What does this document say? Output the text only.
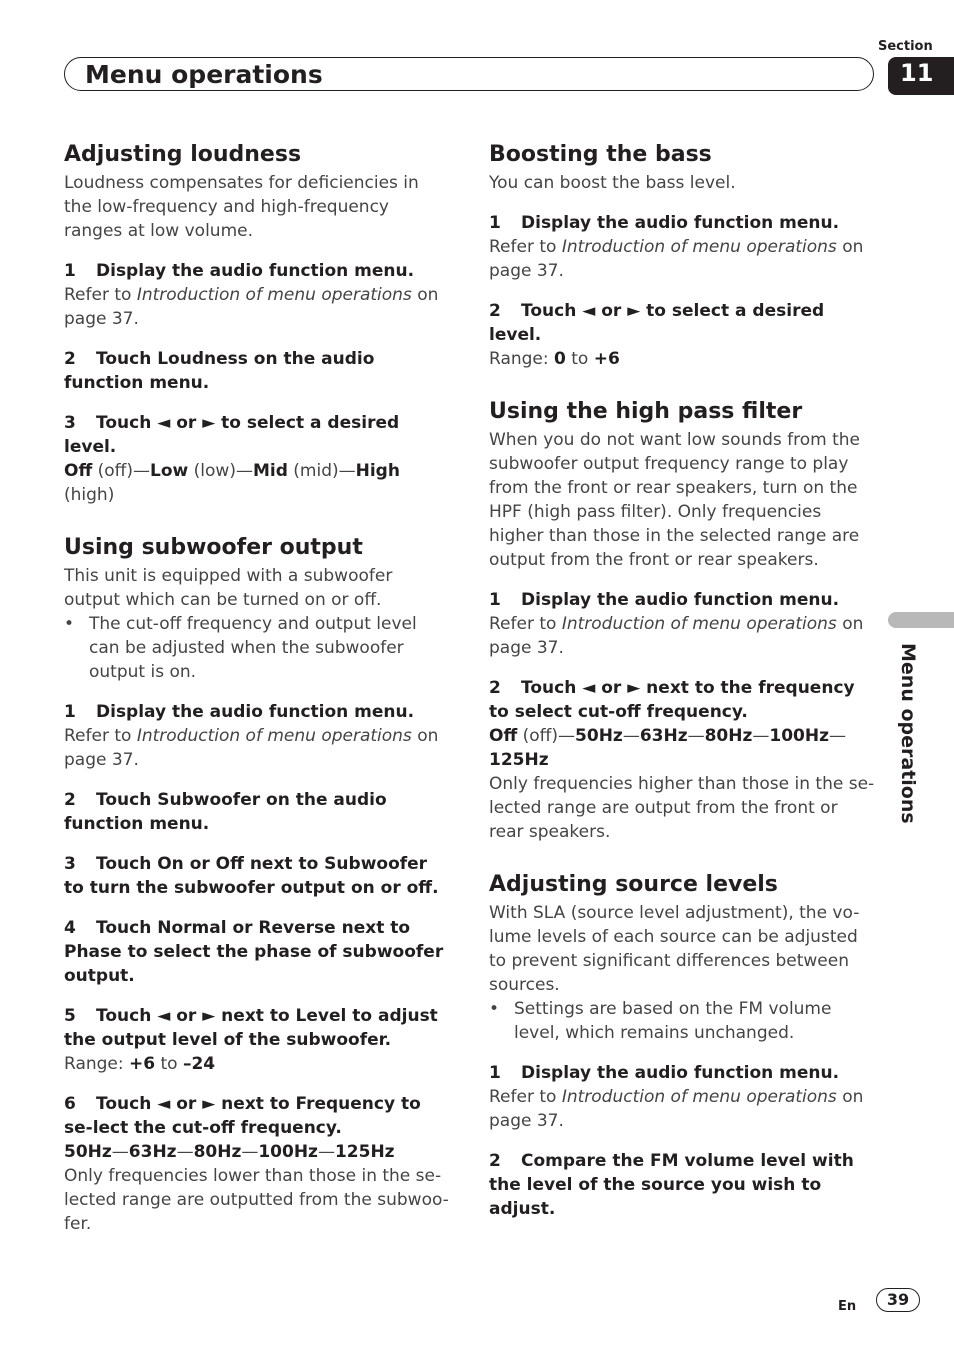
Section
Menu operations	11
Menu operations
Adjusting loudness

Loudness compensates for deficiencies in the low-frequency and high-frequency ranges at low volume.

1 Display the audio function menu.

Refer to Introduction of menu operations on page 37.

2 Touch Loudness on the audio function menu.

3 Touch ◄ or ► to select a desired level.

Off (off)—Low (low)—Mid (mid)—High (high)

Using subwoofer output

This unit is equipped with a subwoofer output which can be turned on or off.

• The cut-off frequency and output level can be adjusted when the subwoofer output is on.

1 Display the audio function menu.

Refer to Introduction of menu operations on page 37.

2 Touch Subwoofer on the audio function menu.

3 Touch On or Off next to Subwoofer to turn the subwoofer output on or off.

4 Touch Normal or Reverse next to Phase to select the phase of subwoofer output.

5 Touch ◄ or ► next to Level to adjust the output level of the subwoofer.

Range: +6 to –24

6 Touch ◄ or ► next to Frequency to se-lect the cut-off frequency.

50Hz—63Hz—80Hz—100Hz—125Hz

Only frequencies lower than those in the se-lected range are outputted from the subwoo-fer.

Boosting the bass

You can boost the bass level.

1 Display the audio function menu.

Refer to Introduction of menu operations on page 37.

2 Touch ◄ or ► to select a desired level.

Range: 0 to +6

Using the high pass filter

When you do not want low sounds from the subwoofer output frequency range to play from the front or rear speakers, turn on the HPF (high pass filter). Only frequencies higher than those in the selected range are output from the front or rear speakers.

1 Display the audio function menu.

Refer to Introduction of menu operations on page 37.

2 Touch ◄ or ► next to the frequency to select cut-off frequency.

Off (off)—50Hz—63Hz—80Hz—100Hz—125Hz

Only frequencies higher than those in the se-lected range are output from the front or rear speakers.

Adjusting source levels

With SLA (source level adjustment), the vo-lume levels of each source can be adjusted to prevent significant differences between sources.

• Settings are based on the FM volume level, which remains unchanged.

1 Display the audio function menu.

Refer to Introduction of menu operations on page 37.

2 Compare the FM volume level with the level of the source you wish to adjust.

En	39
